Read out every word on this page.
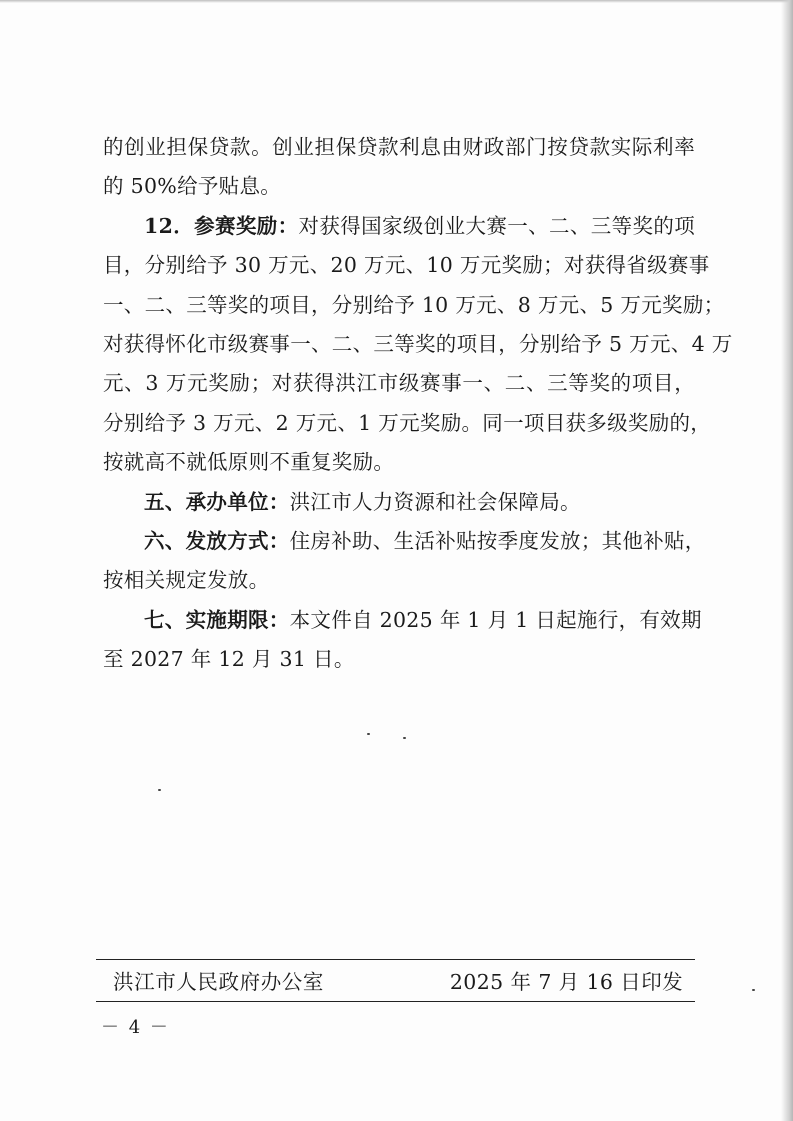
的创业担保贷款。创业担保贷款利息由财政部门按贷款实际利率

的 50%给予贴息。

12．参赛奖励：对获得国家级创业大赛一、二、三等奖的项

目，分别给予 30 万元、20 万元、10 万元奖励；对获得省级赛事

一、二、三等奖的项目，分别给予 10 万元、8 万元、5 万元奖励；

对获得怀化市级赛事一、二、三等奖的项目，分别给予 5 万元、4 万

元、3 万元奖励；对获得洪江市级赛事一、二、三等奖的项目，

分别给予 3 万元、2 万元、1 万元奖励。同一项目获多级奖励的，

按就高不就低原则不重复奖励。

五、承办单位：洪江市人力资源和社会保障局。

六、发放方式：住房补助、生活补贴按季度发放；其他补贴，

按相关规定发放。

七、实施期限：本文件自 2025 年 1 月 1 日起施行，有效期

至 2027 年 12 月 31 日。

洪江市人民政府办公室	2025 年 7 月 16 日印发
－ 4 －
